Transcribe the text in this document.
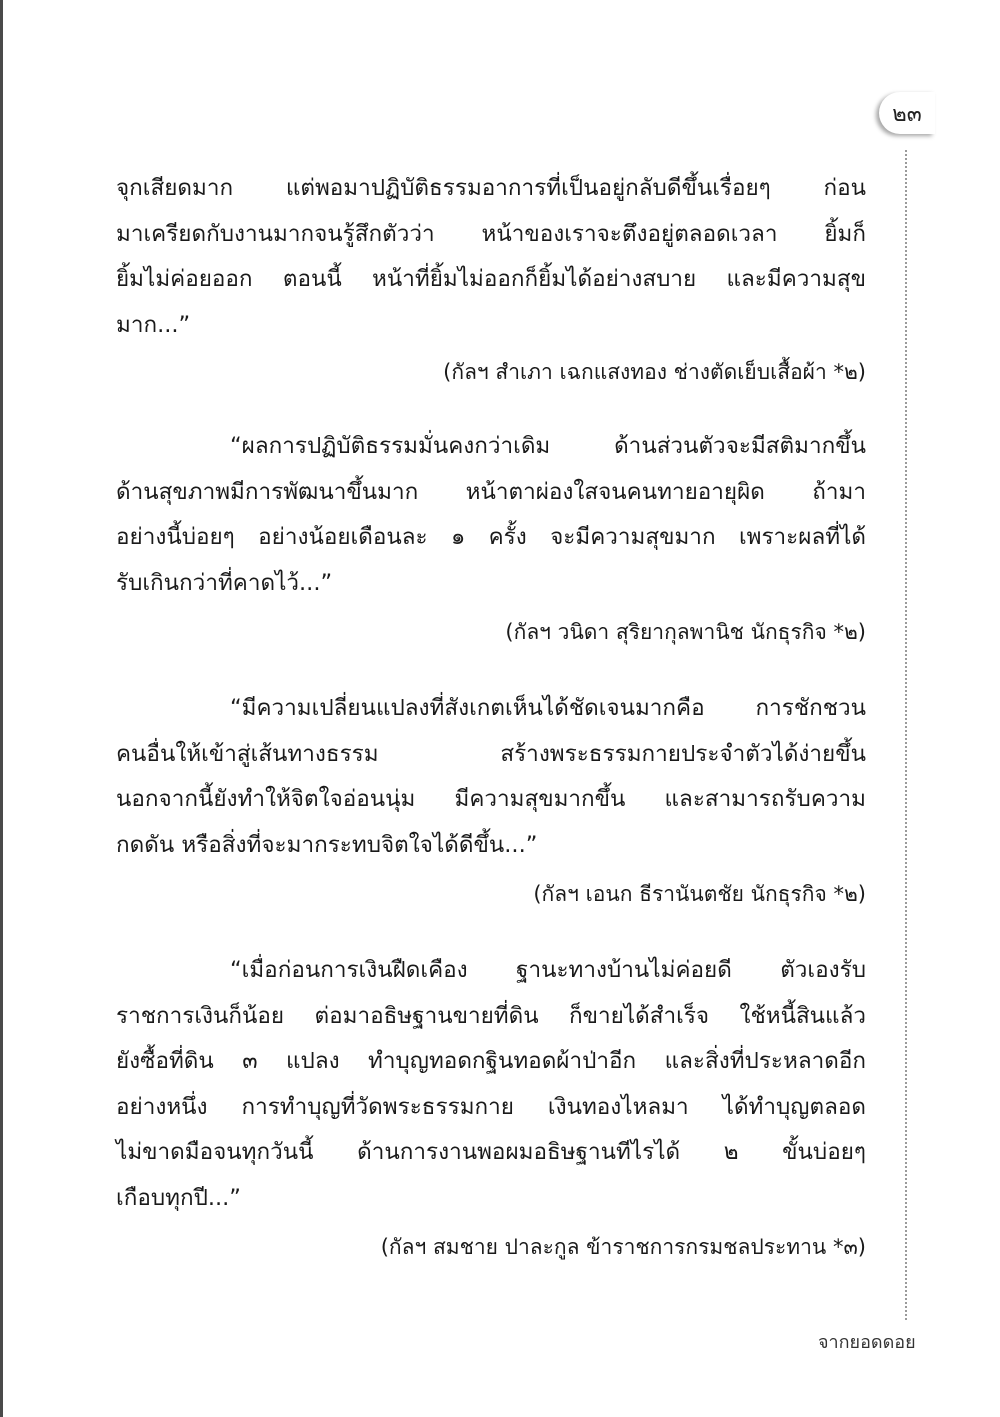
๒๓

จุกเสียดมาก แต่พอมาปฏิบัติธรรมอาการที่เป็นอยู่กลับดีขึ้นเรื่อยๆ ก่อน
มาเครียดกับงานมากจนรู้สึกตัวว่า หน้าของเราจะตึงอยู่ตลอดเวลา ยิ้มก็
ยิ้มไม่ค่อยออก ตอนนี้ หน้าที่ยิ้มไม่ออกก็ยิ้มได้อย่างสบาย และมีความสุข
มาก...”

(กัลฯ สำเภา เฉกแสงทอง ช่างตัดเย็บเสื้อผ้า *๒)

“ผลการปฏิบัติธรรมมั่นคงกว่าเดิม ด้านส่วนตัวจะมีสติมากขึ้น
ด้านสุขภาพมีการพัฒนาขึ้นมาก หน้าตาผ่องใสจนคนทายอายุผิด ถ้ามา
อย่างนี้บ่อยๆ อย่างน้อยเดือนละ ๑ ครั้ง จะมีความสุขมาก เพราะผลที่ได้
รับเกินกว่าที่คาดไว้...”

(กัลฯ วนิดา สุริยากุลพานิช นักธุรกิจ *๒)

“มีความเปลี่ยนแปลงที่สังเกตเห็นได้ชัดเจนมากคือ การชักชวน
คนอื่นให้เข้าสู่เส้นทางธรรม สร้างพระธรรมกายประจำตัวได้ง่ายขึ้น
นอกจากนี้ยังทำให้จิตใจอ่อนนุ่ม มีความสุขมากขึ้น และสามารถรับความ
กดดัน หรือสิ่งที่จะมากระทบจิตใจได้ดีขึ้น...”

(กัลฯ เอนก ธีรานันตชัย นักธุรกิจ *๒)

“เมื่อก่อนการเงินฝืดเคือง ฐานะทางบ้านไม่ค่อยดี ตัวเองรับ
ราชการเงินก็น้อย ต่อมาอธิษฐานขายที่ดิน ก็ขายได้สำเร็จ ใช้หนี้สินแล้ว
ยังซื้อที่ดิน ๓ แปลง ทำบุญทอดกฐินทอดผ้าป่าอีก และสิ่งที่ประหลาดอีก
อย่างหนึ่ง การทำบุญที่วัดพระธรรมกาย เงินทองไหลมา ได้ทำบุญตลอด
ไม่ขาดมือจนทุกวันนี้ ด้านการงานพอผมอธิษฐานทีไรได้ ๒ ขั้นบ่อยๆ
เกือบทุกปี...”

(กัลฯ สมชาย ปาละกูล ข้าราชการกรมชลประทาน *๓)

จากยอดดอย
